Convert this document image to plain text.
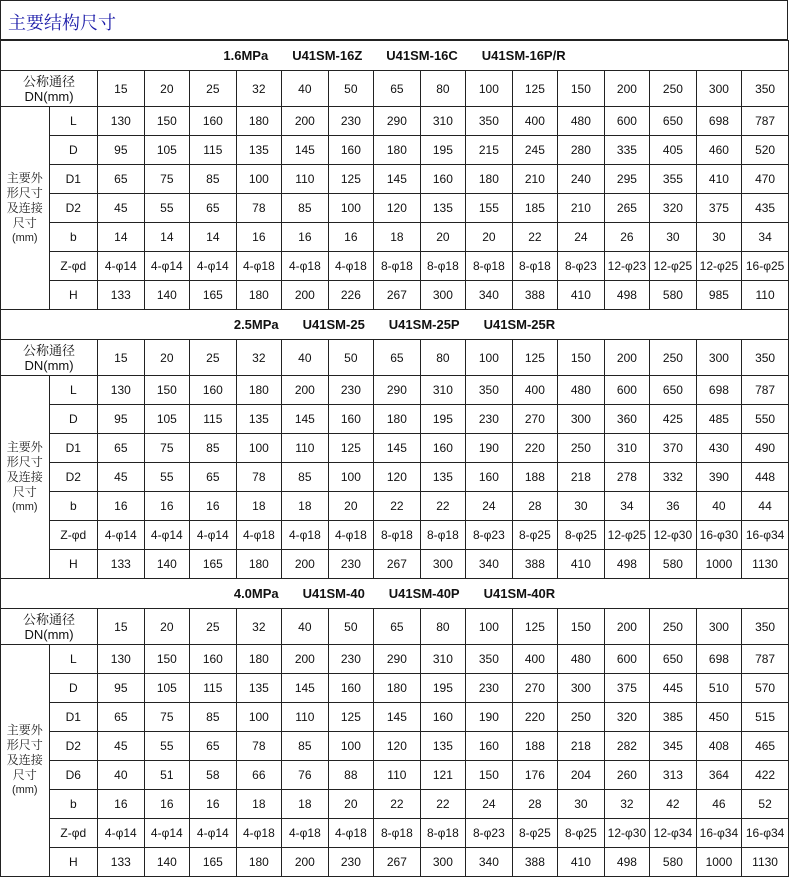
主要结构尺寸
1.6MPa U41SM-16Z U41SM-16C U41SM-16P/R																

公称通径
DN(mm)		15	20	25	32	40	50	65	80	100	125	150	200	250	300	350

主要外
形尺寸
及连接
尺寸
(mm)	L	130	150	160	180	200	230	290	310	350	400	480	600	650	698	787
	D	95	105	115	135	145	160	180	195	215	245	280	335	405	460	520
	D1	65	75	85	100	110	125	145	160	180	210	240	295	355	410	470
	D2	45	55	65	78	85	100	120	135	155	185	210	265	320	375	435
	b	14	14	14	16	16	16	18	20	20	22	24	26	30	30	34
	Z-φd	4-φ14	4-φ14	4-φ14	4-φ18	4-φ18	4-φ18	8-φ18	8-φ18	8-φ18	8-φ18	8-φ23	12-φ23	12-φ25	12-φ25	16-φ25
	H	133	140	165	180	200	226	267	300	340	388	410	498	580	985	110
2.5MPa U41SM-25 U41SM-25P U41SM-25R																

公称通径
DN(mm)		15	20	25	32	40	50	65	80	100	125	150	200	250	300	350

主要外
形尺寸
及连接
尺寸
(mm)	L	130	150	160	180	200	230	290	310	350	400	480	600	650	698	787
	D	95	105	115	135	145	160	180	195	230	270	300	360	425	485	550
	D1	65	75	85	100	110	125	145	160	190	220	250	310	370	430	490
	D2	45	55	65	78	85	100	120	135	160	188	218	278	332	390	448
	b	16	16	16	18	18	20	22	22	24	28	30	34	36	40	44
	Z-φd	4-φ14	4-φ14	4-φ14	4-φ18	4-φ18	4-φ18	8-φ18	8-φ18	8-φ23	8-φ25	8-φ25	12-φ25	12-φ30	16-φ30	16-φ34
	H	133	140	165	180	200	230	267	300	340	388	410	498	580	1000	1130
4.0MPa U41SM-40 U41SM-40P U41SM-40R																

公称通径
DN(mm)		15	20	25	32	40	50	65	80	100	125	150	200	250	300	350

主要外
形尺寸
及连接
尺寸
(mm)	L	130	150	160	180	200	230	290	310	350	400	480	600	650	698	787
	D	95	105	115	135	145	160	180	195	230	270	300	375	445	510	570
	D1	65	75	85	100	110	125	145	160	190	220	250	320	385	450	515
	D2	45	55	65	78	85	100	120	135	160	188	218	282	345	408	465
	D6	40	51	58	66	76	88	110	121	150	176	204	260	313	364	422
	b	16	16	16	18	18	20	22	22	24	28	30	32	42	46	52
	Z-φd	4-φ14	4-φ14	4-φ14	4-φ18	4-φ18	4-φ18	8-φ18	8-φ18	8-φ23	8-φ25	8-φ25	12-φ30	12-φ34	16-φ34	16-φ34
	H	133	140	165	180	200	230	267	300	340	388	410	498	580	1000	1130
